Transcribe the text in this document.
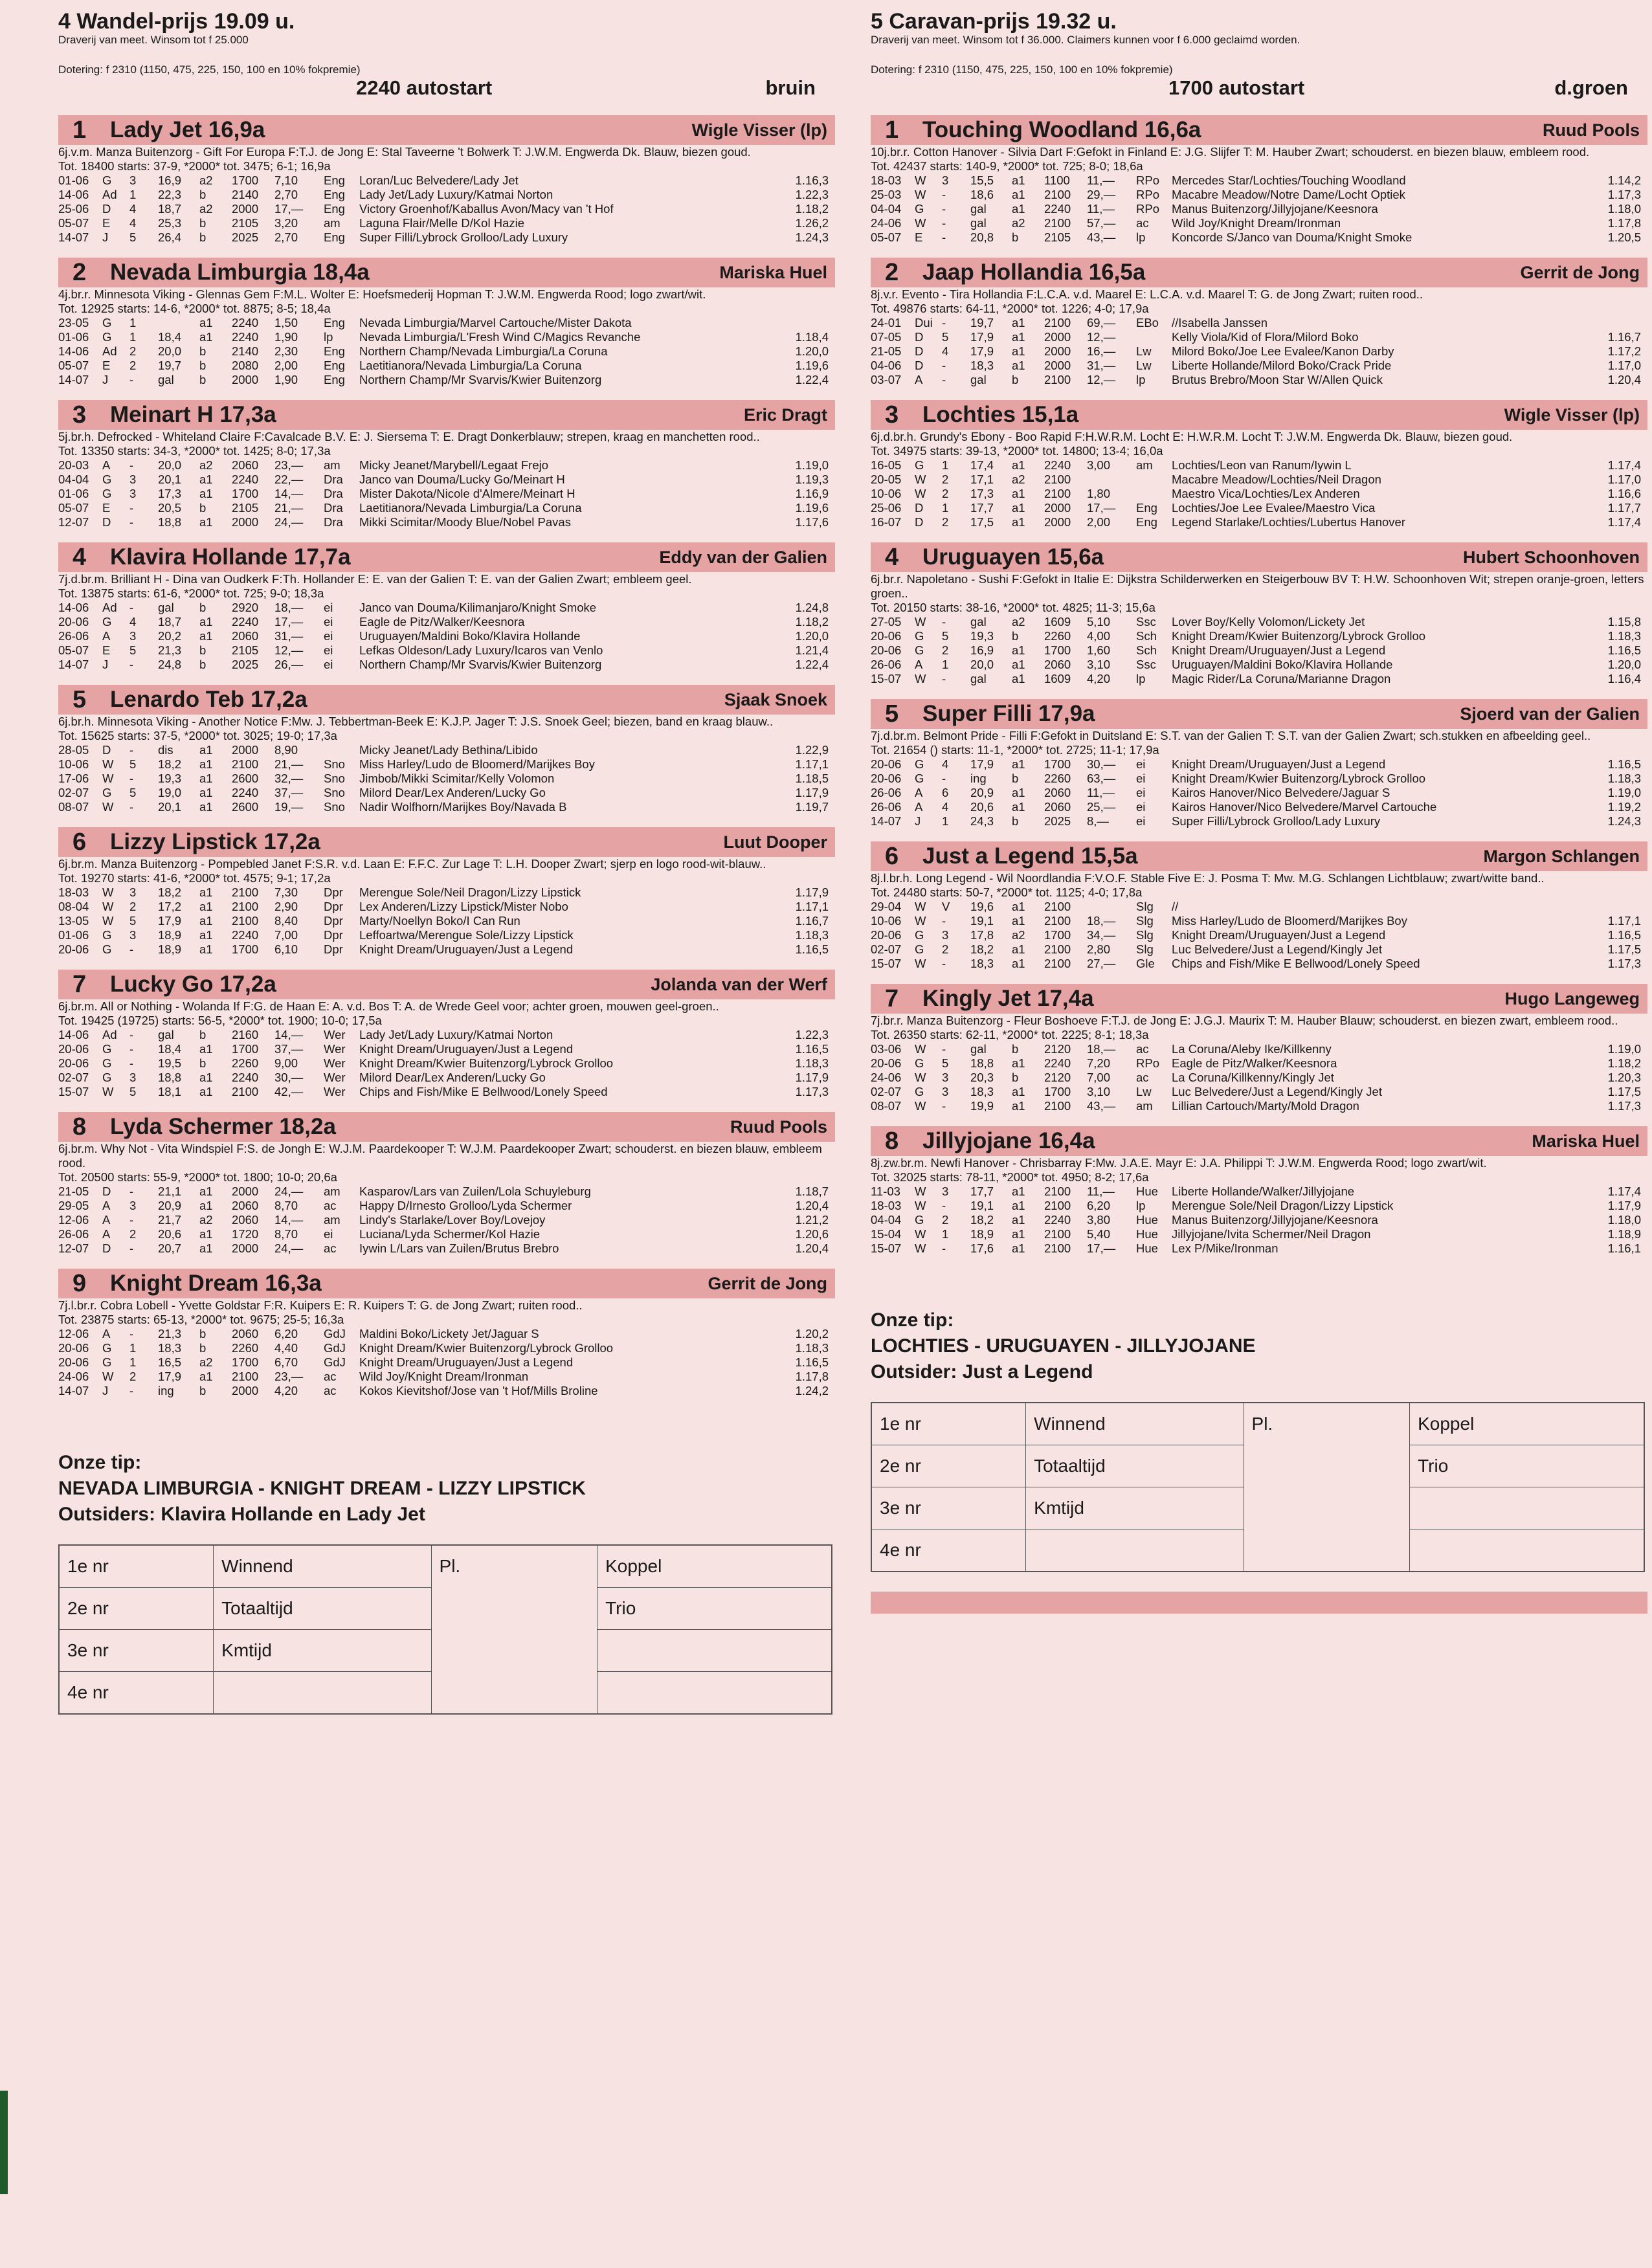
4 Wandel-prijs 19.09 u.
Draverij van meet. Winsom tot f 25.000
Dotering: f 2310 (1150, 475, 225, 150, 100 en 10% fokpremie)
2240 autostart	bruin
1 Lady Jet 16,9a	Wigle Visser (lp)
6j.v.m. Manza Buitenzorg - Gift For Europa F:T.J. de Jong E: Stal Taveerne 't Bolwerk T: J.W.M. Engwerda Dk. Blauw, biezen goud.
Tot. 18400 starts: 37-9, *2000* tot. 3475; 6-1; 16,9a
01-06 G 3 16,9 a2 1700 7,10 Eng Loran/Luc Belvedere/Lady Jet	1.16,3
14-06 Ad 1 22,3 b 2140 2,70 Eng Lady Jet/Lady Luxury/Katmai Norton	1.22,3
25-06 D 4 18,7 a2 2000 17,— Eng Victory Groenhof/Kaballus Avon/Macy van 't Hof	1.18,2
05-07 E 4 25,3 b 2105 3,20 am Laguna Flair/Melle D/Kol Hazie	1.26,2
14-07 J 5 26,4 b 2025 2,70 Eng Super Filli/Lybrock Grolloo/Lady Luxury	1.24,3
2 Nevada Limburgia 18,4a	Mariska Huel
4j.br.r. Minnesota Viking - Glennas Gem F:M.L. Wolter E: Hoefsmederij Hopman T: J.W.M. Engwerda Rood; logo zwart/wit.
Tot. 12925 starts: 14-6, *2000* tot. 8875; 8-5; 18,4a
23-05 G 1	a1 2240 1,50 Eng Nevada Limburgia/Marvel Cartouche/Mister Dakota
01-06 G 1 18,4 a1 2240 1,90 lp Nevada Limburgia/L'Fresh Wind C/Magics Revanche	1.18,4
14-06 Ad 2 20,0 b 2140 2,30 Eng Northern Champ/Nevada Limburgia/La Coruna	1.20,0
05-07 E 2 19,7 b 2080 2,00 Eng Laetitianora/Nevada Limburgia/La Coruna	1.19,6
14-07 J - gal b 2000 1,90 Eng Northern Champ/Mr Svarvis/Kwier Buitenzorg	1.22,4
3 Meinart H 17,3a	Eric Dragt
5j.br.h. Defrocked - Whiteland Claire F:Cavalcade B.V. E: J. Siersema T: E. Dragt Donkerblauw; strepen, kraag en manchetten rood..
Tot. 13350 starts: 34-3, *2000* tot. 1425; 8-0; 17,3a
20-03 A - 20,0 a2 2060 23,— am Micky Jeanet/Marybell/Legaat Frejo	1.19,0
04-04 G 3 20,1 a1 2240 22,— Dra Janco van Douma/Lucky Go/Meinart H	1.19,3
01-06 G 3 17,3 a1 1700 14,— Dra Mister Dakota/Nicole d'Almere/Meinart H	1.16,9
05-07 E - 20,5 b 2105 21,— Dra Laetitianora/Nevada Limburgia/La Coruna	1.19,6
12-07 D - 18,8 a1 2000 24,— Dra Mikki Scimitar/Moody Blue/Nobel Pavas	1.17,6
4 Klavira Hollande 17,7a	Eddy van der Galien
7j.d.br.m. Brilliant H - Dina van Oudkerk F:Th. Hollander E: E. van der Galien T: E. van der Galien Zwart; embleem geel.
Tot. 13875 starts: 61-6, *2000* tot. 725; 9-0; 18,3a
14-06 Ad - gal b 2920 18,— ei Janco van Douma/Kilimanjaro/Knight Smoke	1.24,8
20-06 G 4 18,7 a1 2240 17,— ei Eagle de Pitz/Walker/Keesnora	1.18,2
26-06 A 3 20,2 a1 2060 31,— ei Uruguayen/Maldini Boko/Klavira Hollande	1.20,0
05-07 E 5 21,3 b 2105 12,— ei Lefkas Oldeson/Lady Luxury/Icaros van Venlo	1.21,4
14-07 J - 24,8 b 2025 26,— ei Northern Champ/Mr Svarvis/Kwier Buitenzorg	1.22,4
5 Lenardo Teb 17,2a	Sjaak Snoek
6j.br.h. Minnesota Viking - Another Notice F:Mw. J. Tebbertman-Beek E: K.J.P. Jager T: J.S. Snoek Geel; biezen, band en kraag blauw..
Tot. 15625 starts: 37-5, *2000* tot. 3025; 19-0; 17,3a
28-05 D - dis a1 2000 8,90	Micky Jeanet/Lady Bethina/Libido	1.22,9
10-06 W 5 18,2 a1 2100 21,— Sno Miss Harley/Ludo de Bloomerd/Marijkes Boy	1.17,1
17-06 W - 19,3 a1 2600 32,— Sno Jimbob/Mikki Scimitar/Kelly Volomon	1.18,5
02-07 G 5 19,0 a1 2240 37,— Sno Milord Dear/Lex Anderen/Lucky Go	1.17,9
08-07 W - 20,1 a1 2600 19,— Sno Nadir Wolfhorn/Marijkes Boy/Navada B	1.19,7
6 Lizzy Lipstick 17,2a	Luut Dooper
6j.br.m. Manza Buitenzorg - Pompebled Janet F:S.R. v.d. Laan E: F.F.C. Zur Lage T: L.H. Dooper Zwart; sjerp en logo rood-wit-blauw..
Tot. 19270 starts: 41-6, *2000* tot. 4575; 9-1; 17,2a
18-03 W 3 18,2 a1 2100 7,30 Dpr Merengue Sole/Neil Dragon/Lizzy Lipstick	1.17,9
08-04 W 2 17,2 a1 2100 2,90 Dpr Lex Anderen/Lizzy Lipstick/Mister Nobo	1.17,1
13-05 W 5 17,9 a1 2100 8,40 Dpr Marty/Noellyn Boko/I Can Run	1.16,7
01-06 G 3 18,9 a1 2240 7,00 Dpr Leffoartwa/Merengue Sole/Lizzy Lipstick	1.18,3
20-06 G - 18,9 a1 1700 6,10 Dpr Knight Dream/Uruguayen/Just a Legend	1.16,5
7 Lucky Go 17,2a	Jolanda van der Werf
6j.br.m. All or Nothing - Wolanda If F:G. de Haan E: A. v.d. Bos T: A. de Wrede Geel voor; achter groen, mouwen geel-groen..
Tot. 19425 (19725) starts: 56-5, *2000* tot. 1900; 10-0; 17,5a
14-06 Ad - gal b 2160 14,— Wer Lady Jet/Lady Luxury/Katmai Norton	1.22,3
20-06 G - 18,4 a1 1700 37,— Wer Knight Dream/Uruguayen/Just a Legend	1.16,5
20-06 G - 19,5 b 2260 9,00 Wer Knight Dream/Kwier Buitenzorg/Lybrock Grolloo	1.18,3
02-07 G 3 18,8 a1 2240 30,— Wer Milord Dear/Lex Anderen/Lucky Go	1.17,9
15-07 W 5 18,1 a1 2100 42,— Wer Chips and Fish/Mike E Bellwood/Lonely Speed	1.17,3
8 Lyda Schermer 18,2a	Ruud Pools
6j.br.m. Why Not - Vita Windspiel F:S. de Jongh E: W.J.M. Paardekooper T: W.J.M. Paardekooper Zwart; schouderst. en biezen blauw, embleem rood.
Tot. 20500 starts: 55-9, *2000* tot. 1800; 10-0; 20,6a
21-05 D - 21,1 a1 2000 24,— am Kasparov/Lars van Zuilen/Lola Schuyleburg	1.18,7
29-05 A 3 20,9 a1 2060 8,70 ac Happy D/Irnesto Grolloo/Lyda Schermer	1.20,4
12-06 A - 21,7 a2 2060 14,— am Lindy's Starlake/Lover Boy/Lovejoy	1.21,2
26-06 A 2 20,6 a1 1720 8,70 ei Luciana/Lyda Schermer/Kol Hazie	1.20,6
12-07 D - 20,7 a1 2000 24,— ac Iywin L/Lars van Zuilen/Brutus Brebro	1.20,4
9 Knight Dream 16,3a	Gerrit de Jong
7j.l.br.r. Cobra Lobell - Yvette Goldstar F:R. Kuipers E: R. Kuipers T: G. de Jong Zwart; ruiten rood..
Tot. 23875 starts: 65-13, *2000* tot. 9675; 25-5; 16,3a
12-06 A - 21,3 b 2060 6,20 GdJ Maldini Boko/Lickety Jet/Jaguar S	1.20,2
20-06 G 1 18,3 b 2260 4,40 GdJ Knight Dream/Kwier Buitenzorg/Lybrock Grolloo	1.18,3
20-06 G 1 16,5 a2 1700 6,70 GdJ Knight Dream/Uruguayen/Just a Legend	1.16,5
24-06 W 2 17,9 a1 2100 23,— ac Wild Joy/Knight Dream/Ironman	1.17,8
14-07 J - ing b 2000 4,20 ac Kokos Kievitshof/Jose van 't Hof/Mills Broline	1.24,2
Onze tip:
NEVADA LIMBURGIA - KNIGHT DREAM - LIZZY LIPSTICK
Outsiders: Klavira Hollande en Lady Jet
1e nr	Winnend	Pl.	Koppel
2e nr	Totaaltijd		Trio
3e nr	Kmtijd		
4e nr			
5 Caravan-prijs 19.32 u.
Draverij van meet. Winsom tot f 36.000. Claimers kunnen voor f 6.000 geclaimd worden.
Dotering: f 2310 (1150, 475, 225, 150, 100 en 10% fokpremie)
1700 autostart	d.groen
1 Touching Woodland 16,6a	Ruud Pools
10j.br.r. Cotton Hanover - Silvia Dart F:Gefokt in Finland E: J.G. Slijfer T: M. Hauber Zwart; schouderst. en biezen blauw, embleem rood.
Tot. 42437 starts: 140-9, *2000* tot. 725; 8-0; 18,6a
18-03 W 3 15,5 a1 1100 11,— RPo Mercedes Star/Lochties/Touching Woodland	1.14,2
25-03 W - 18,6 a1 2100 29,— RPo Macabre Meadow/Notre Dame/Locht Optiek	1.17,3
04-04 G - gal a1 2240 11,— RPo Manus Buitenzorg/Jillyjojane/Keesnora	1.18,0
24-06 W - gal a2 2100 57,— ac Wild Joy/Knight Dream/Ironman	1.17,8
05-07 E - 20,8 b 2105 43,— lp Koncorde S/Janco van Douma/Knight Smoke	1.20,5
2 Jaap Hollandia 16,5a	Gerrit de Jong
8j.v.r. Evento - Tira Hollandia F:L.C.A. v.d. Maarel E: L.C.A. v.d. Maarel T: G. de Jong Zwart; ruiten rood..
Tot. 49876 starts: 64-11, *2000* tot. 1226; 4-0; 17,9a
24-01 Dui - 19,7 a1 2100 69,— EBo //Isabella Janssen
07-05 D 5 17,9 a1 2000 12,—	Kelly Viola/Kid of Flora/Milord Boko	1.16,7
21-05 D 4 17,9 a1 2000 16,— Lw Milord Boko/Joe Lee Evalee/Kanon Darby	1.17,2
04-06 D - 18,3 a1 2000 31,— Lw Liberte Hollande/Milord Boko/Crack Pride	1.17,0
03-07 A - gal b 2100 12,— lp Brutus Brebro/Moon Star W/Allen Quick	1.20,4
3 Lochties 15,1a	Wigle Visser (lp)
6j.d.br.h. Grundy's Ebony - Boo Rapid F:H.W.R.M. Locht E: H.W.R.M. Locht T: J.W.M. Engwerda Dk. Blauw, biezen goud.
Tot. 34975 starts: 39-13, *2000* tot. 14800; 13-4; 16,0a
16-05 G 1 17,4 a1 2240 3,00 am Lochties/Leon van Ranum/Iywin L	1.17,4
20-05 W 2 17,1 a2 2100	Macabre Meadow/Lochties/Neil Dragon	1.17,0
10-06 W 2 17,3 a1 2100 1,80	Maestro Vica/Lochties/Lex Anderen	1.16,6
25-06 D 1 17,7 a1 2000 17,— Eng Lochties/Joe Lee Evalee/Maestro Vica	1.17,7
16-07 D 2 17,5 a1 2000 2,00 Eng Legend Starlake/Lochties/Lubertus Hanover	1.17,4
4 Uruguayen 15,6a	Hubert Schoonhoven
6j.br.r. Napoletano - Sushi F:Gefokt in Italie E: Dijkstra Schilderwerken en Steigerbouw BV T: H.W. Schoonhoven Wit; strepen oranje-groen, letters groen..
Tot. 20150 starts: 38-16, *2000* tot. 4825; 11-3; 15,6a
27-05 W - gal a2 1609 5,10 Ssc Lover Boy/Kelly Volomon/Lickety Jet	1.15,8
20-06 G 5 19,3 b 2260 4,00 Sch Knight Dream/Kwier Buitenzorg/Lybrock Grolloo	1.18,3
20-06 G 2 16,9 a1 1700 1,60 Sch Knight Dream/Uruguayen/Just a Legend	1.16,5
26-06 A 1 20,0 a1 2060 3,10 Ssc Uruguayen/Maldini Boko/Klavira Hollande	1.20,0
15-07 W - gal a1 1609 4,20 lp Magic Rider/La Coruna/Marianne Dragon	1.16,4
5 Super Filli 17,9a	Sjoerd van der Galien
7j.d.br.m. Belmont Pride - Filli F:Gefokt in Duitsland E: S.T. van der Galien T: S.T. van der Galien Zwart; sch.stukken en afbeelding geel..
Tot. 21654 () starts: 11-1, *2000* tot. 2725; 11-1; 17,9a
20-06 G 4 17,9 a1 1700 30,— ei Knight Dream/Uruguayen/Just a Legend	1.16,5
20-06 G - ing b 2260 63,— ei Knight Dream/Kwier Buitenzorg/Lybrock Grolloo	1.18,3
26-06 A 6 20,9 a1 2060 11,— ei Kairos Hanover/Nico Belvedere/Jaguar S	1.19,0
26-06 A 4 20,6 a1 2060 25,— ei Kairos Hanover/Nico Belvedere/Marvel Cartouche	1.19,2
14-07 J 1 24,3 b 2025 8,— ei Super Filli/Lybrock Grolloo/Lady Luxury	1.24,3
6 Just a Legend 15,5a	Margon Schlangen
8j.l.br.h. Long Legend - Wil Noordlandia F:V.O.F. Stable Five E: J. Posma T: Mw. M.G. Schlangen Lichtblauw; zwart/witte band..
Tot. 24480 starts: 50-7, *2000* tot. 1125; 4-0; 17,8a
29-04 W V 19,6 a1 2100	Slg //
10-06 W - 19,1 a1 2100 18,— Slg Miss Harley/Ludo de Bloomerd/Marijkes Boy	1.17,1
20-06 G 3 17,8 a2 1700 34,— Slg Knight Dream/Uruguayen/Just a Legend	1.16,5
02-07 G 2 18,2 a1 2100 2,80 Slg Luc Belvedere/Just a Legend/Kingly Jet	1.17,5
15-07 W - 18,3 a1 2100 27,— Gle Chips and Fish/Mike E Bellwood/Lonely Speed	1.17,3
7 Kingly Jet 17,4a	Hugo Langeweg
7j.br.r. Manza Buitenzorg - Fleur Boshoeve F:T.J. de Jong E: J.G.J. Maurix T: M. Hauber Blauw; schouderst. en biezen zwart, embleem rood..
Tot. 26350 starts: 62-11, *2000* tot. 2225; 8-1; 18,3a
03-06 W - gal b 2120 18,— ac La Coruna/Aleby Ike/Killkenny	1.19,0
20-06 G 5 18,8 a1 2240 7,20 RPo Eagle de Pitz/Walker/Keesnora	1.18,2
24-06 W 3 20,3 b 2120 7,00 ac La Coruna/Killkenny/Kingly Jet	1.20,3
02-07 G 3 18,3 a1 1700 3,10 Lw Luc Belvedere/Just a Legend/Kingly Jet	1.17,5
08-07 W - 19,9 a1 2100 43,— am Lillian Cartouch/Marty/Mold Dragon	1.17,3
8 Jillyjojane 16,4a	Mariska Huel
8j.zw.br.m. Newfi Hanover - Chrisbarray F:Mw. J.A.E. Mayr E: J.A. Philippi T: J.W.M. Engwerda Rood; logo zwart/wit.
Tot. 32025 starts: 78-11, *2000* tot. 4950; 8-2; 17,6a
11-03 W 3 17,7 a1 2100 11,— Hue Liberte Hollande/Walker/Jillyjojane	1.17,4
18-03 W - 19,1 a1 2100 6,20 lp Merengue Sole/Neil Dragon/Lizzy Lipstick	1.17,9
04-04 G 2 18,2 a1 2240 3,80 Hue Manus Buitenzorg/Jillyjojane/Keesnora	1.18,0
15-04 W 1 18,9 a1 2100 5,40 Hue Jillyjojane/Ivita Schermer/Neil Dragon	1.18,9
15-07 W - 17,6 a1 2100 17,— Hue Lex P/Mike/Ironman	1.16,1
Onze tip:
LOCHTIES - URUGUAYEN - JILLYJOJANE
Outsider: Just a Legend
1e nr	Winnend	Pl.	Koppel
2e nr	Totaaltijd		Trio
3e nr	Kmtijd		
4e nr			
